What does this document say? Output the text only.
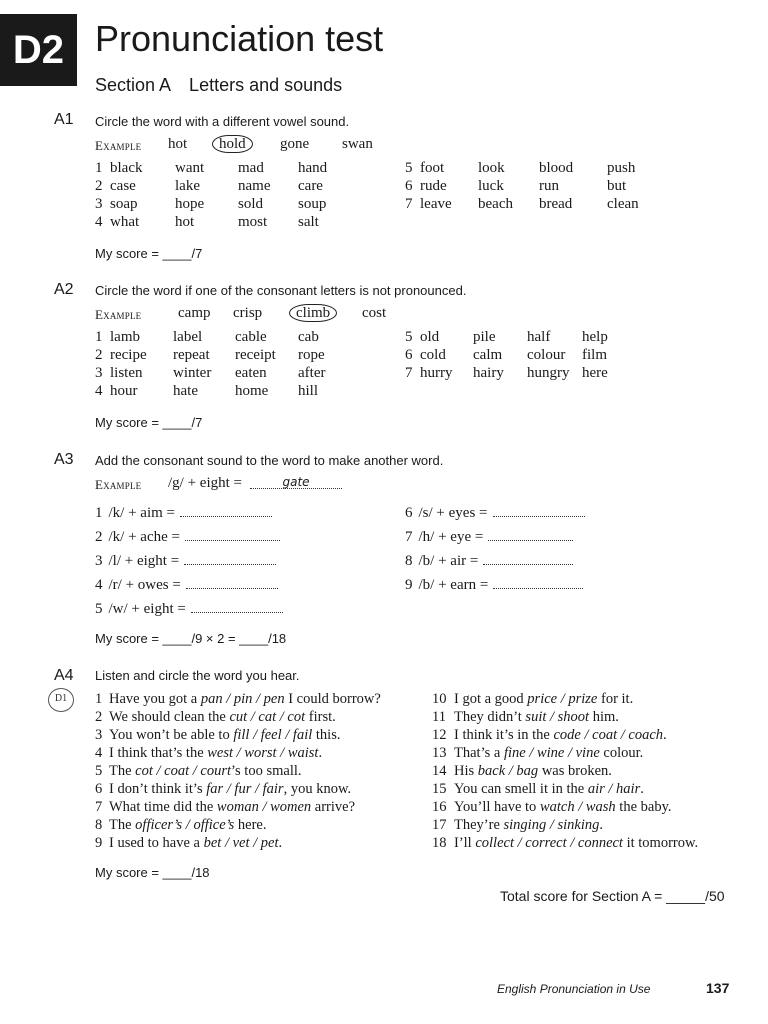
D2 Pronunciation test
Section A  Letters and sounds
A1 Circle the word with a different vowel sound.
Example hot hold	gone swan
1 black want mad hand
2 case	lake	name care
3 soap	hope sold soup
4 what hot	most salt
5 foot look blood push
6 rude luck run	but
7 leave beach bread clean
My score = ____/7
A2 Circle the word if one of the consonant letters is not pronounced.
Example camp crisp climb	cost
1 lamb label cable cab
2 recipe repeat receipt rope
3 listen winter eaten after
4 hour hate home hill
5 old pile half help
6 cold calm colour film
7 hurry hairy hungry here
My score = ____/7
A3 Add the consonant sound to the word to make another word.
Example /g/ + eight =	gate
1 /k/ + aim =
2 /k/ + ache =
3 /l/ + eight =
4 /r/ + owes =
5 /w/ + eight =
6 /s/ + eyes =
7 /h/ + eye =
8 /b/ + air =
9 /b/ + earn =
My score = ____/9 × 2 = ____/18
A4 Listen and circle the word you hear.
D1	1 Have you got a pan / pin / pen I could borrow?
2 We should clean the cut / cat / cot first.
3 You won’t be able to fill / feel / fail this.
4 I think that’s the west / worst / waist.
5 The cot / coat / court’s too small.
6 I don’t think it’s far / fur / fair, you know.
7 What time did the woman / women arrive?
8 The officer’s / office’s here.
9 I used to have a bet / vet / pet.
10 I got a good price / prize for it.
11 They didn’t suit / shoot him.
12 I think it’s in the code / coat / coach.
13 That’s a fine / wine / vine colour.
14 His back / bag was broken.
15 You can smell it in the air / hair.
16 You’ll have to watch / wash the baby.
17 They’re singing / sinking.
18 I’ll collect / correct / connect it tomorrow.
My score = ____/18
Total score for Section A = _____/50
English Pronunciation in Use	137
